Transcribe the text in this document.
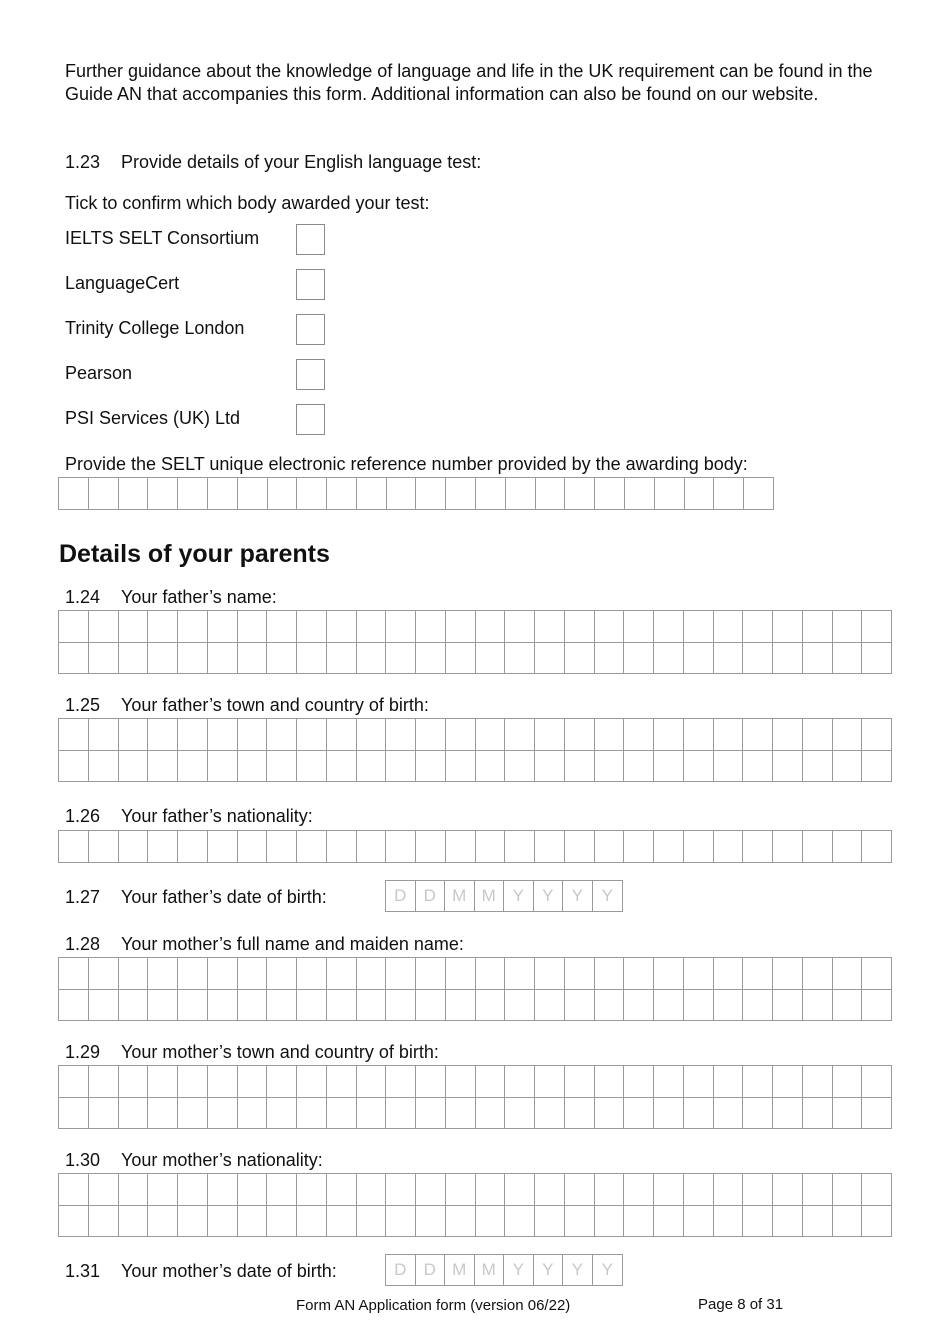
Further guidance about the knowledge of language and life in the UK requirement can be found in the Guide AN that accompanies this form. Additional information can also be found on our website.
1.23 Provide details of your English language test:
Tick to confirm which body awarded your test:
IELTS SELT Consortium
LanguageCert
Trinity College London
Pearson
PSI Services (UK) Ltd
Provide the SELT unique electronic reference number provided by the awarding body:
Details of your parents
1.24 Your father’s name:
1.25 Your father’s town and country of birth:
1.26 Your father’s nationality:
1.27 Your father’s date of birth:	D	D M M Y	Y	Y	Y
1.28 Your mother’s full name and maiden name:
1.29 Your mother’s town and country of birth:
1.30 Your mother’s nationality:
1.31 Your mother’s date of birth:	D	D M M Y	Y	Y	Y
Form AN Application form (version 06/22)	Page 8 of 31
